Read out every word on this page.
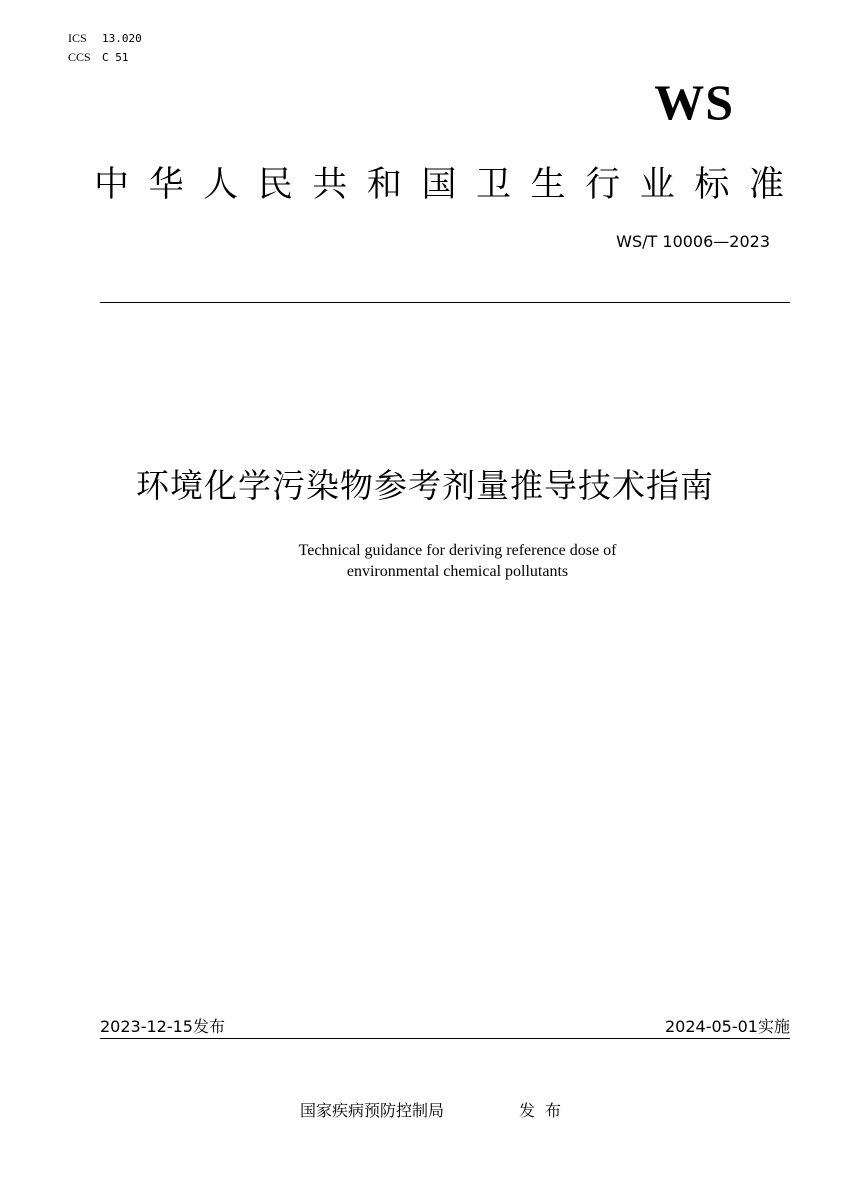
ICS 13.020
CCS C 51
WS
中 华 人 民 共 和 国 卫 生 行 业 标 准
WS/T 10006—2023
环境化学污染物参考剂量推导技术指南
Technical guidance for deriving reference dose of
environmental chemical pollutants
2023-12-15发布	2024-05-01实施
国家疾病预防控制局	发布
